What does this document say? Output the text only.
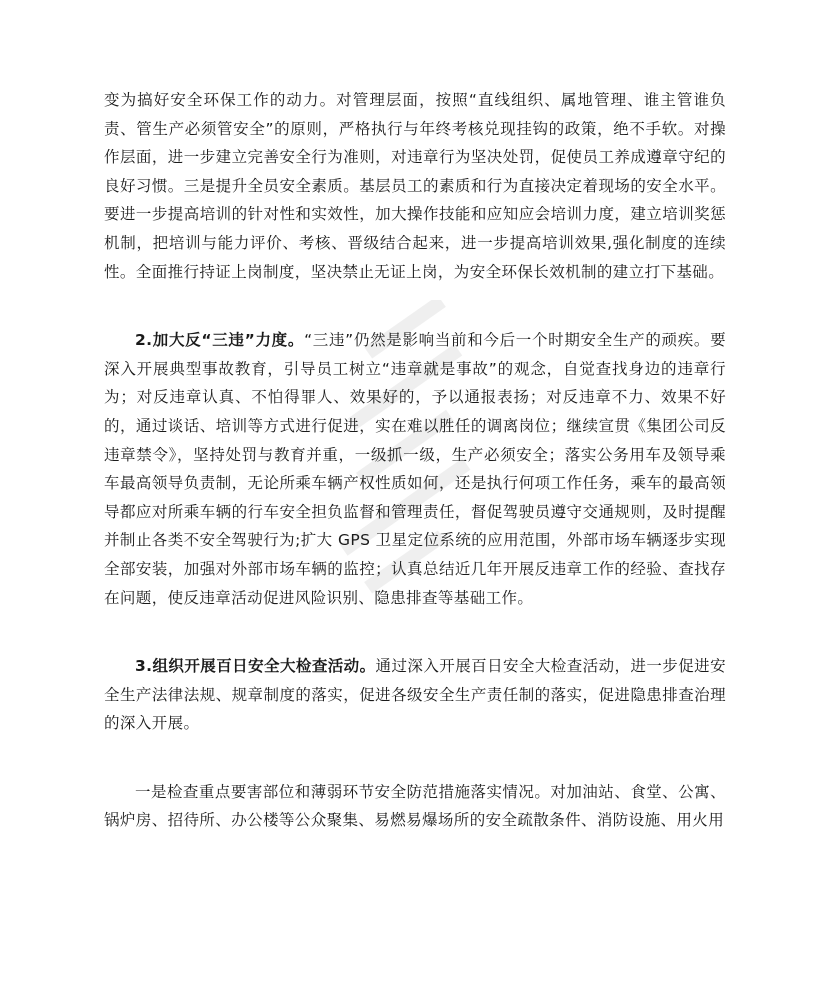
变为搞好安全环保工作的动力。对管理层面，按照“直线组织、属地管理、谁主管谁负责、管生产必须管安全”的原则，严格执行与年终考核兑现挂钩的政策，绝不手软。对操作层面，进一步建立完善安全行为准则，对违章行为坚决处罚，促使员工养成遵章守纪的良好习惯。三是提升全员安全素质。基层员工的素质和行为直接决定着现场的安全水平。要进一步提高培训的针对性和实效性，加大操作技能和应知应会培训力度，建立培训奖惩机制，把培训与能力评价、考核、晋级结合起来，进一步提高培训效果,强化制度的连续性。全面推行持证上岗制度，坚决禁止无证上岗，为安全环保长效机制的建立打下基础。

2.加大反“三违”力度。“三违”仍然是影响当前和今后一个时期安全生产的顽疾。要深入开展典型事故教育，引导员工树立“违章就是事故”的观念，自觉查找身边的违章行为；对反违章认真、不怕得罪人、效果好的，予以通报表扬；对反违章不力、效果不好的，通过谈话、培训等方式进行促进，实在难以胜任的调离岗位；继续宣贯《集团公司反违章禁令》，坚持处罚与教育并重，一级抓一级，生产必须安全；落实公务用车及领导乘车最高领导负责制，无论所乘车辆产权性质如何，还是执行何项工作任务，乘车的最高领导都应对所乘车辆的行车安全担负监督和管理责任，督促驾驶员遵守交通规则，及时提醒并制止各类不安全驾驶行为;扩大 GPS 卫星定位系统的应用范围，外部市场车辆逐步实现全部安装，加强对外部市场车辆的监控；认真总结近几年开展反违章工作的经验、查找存在问题，使反违章活动促进风险识别、隐患排查等基础工作。

3.组织开展百日安全大检查活动。通过深入开展百日安全大检查活动，进一步促进安全生产法律法规、规章制度的落实，促进各级安全生产责任制的落实，促进隐患排查治理的深入开展。

一是检查重点要害部位和薄弱环节安全防范措施落实情况。对加油站、食堂、公寓、锅炉房、招待所、办公楼等公众聚集、易燃易爆场所的安全疏散条件、消防设施、用火用
